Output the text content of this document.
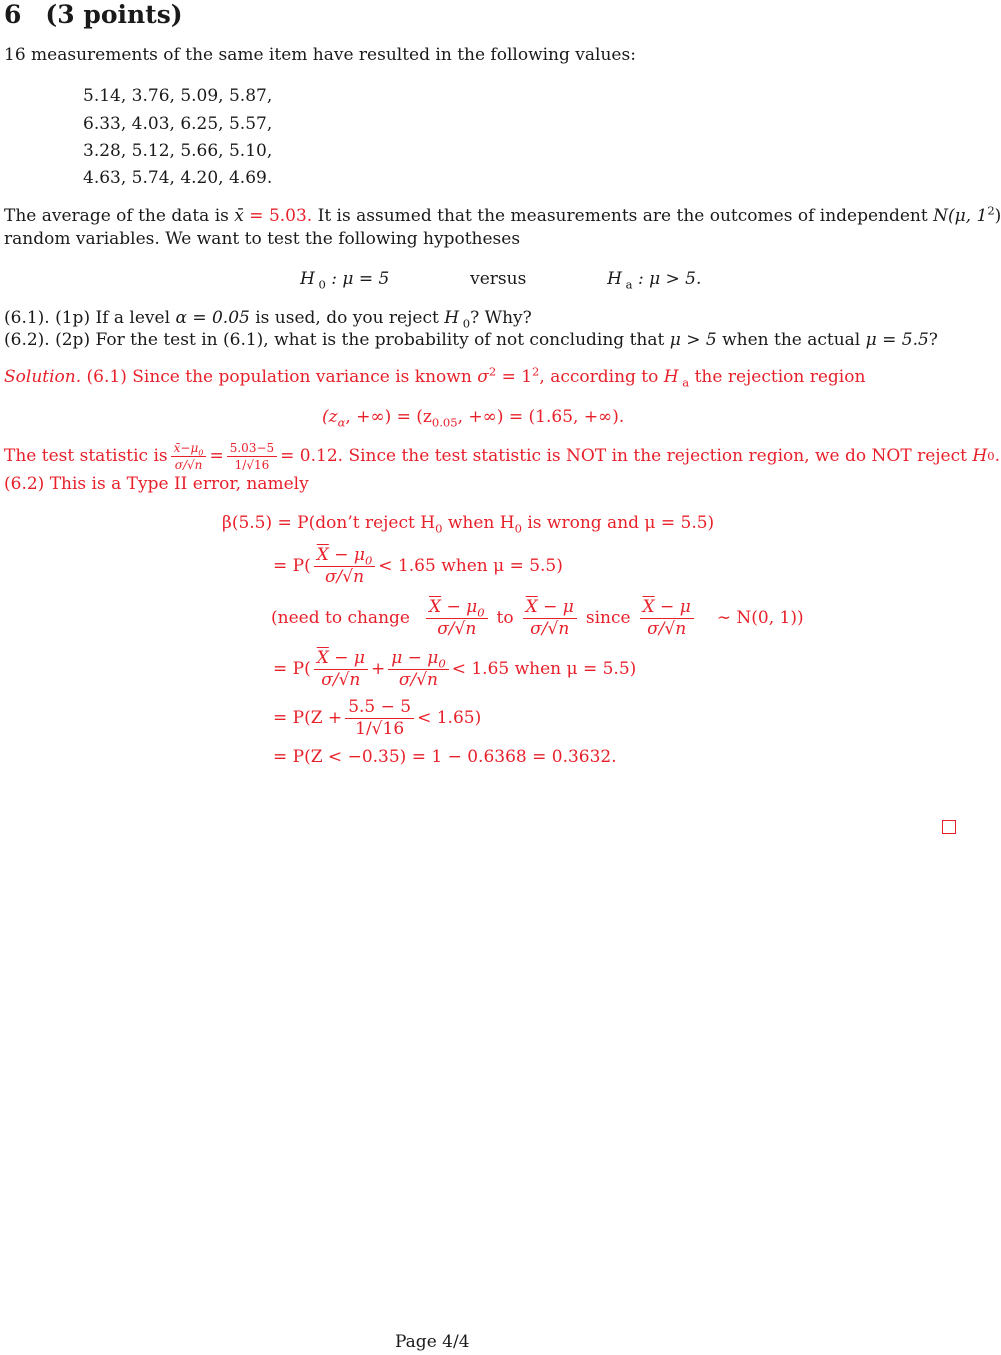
6 (3 points)
16 measurements of the same item have resulted in the following values:
5.14, 3.76, 5.09, 5.87,
6.33, 4.03, 6.25, 5.57,
3.28, 5.12, 5.66, 5.10,
4.63, 5.74, 4.20, 4.69.
The average of the data is x̄ = 5.03. It is assumed that the measurements are the outcomes of independent N(μ, $1^2$)
random variables. We want to test the following hypotheses
H $_0$ : μ = 5	versus	H $_a$ : μ > 5.
(6.1). (1p) If a level α = 0.05 is used, do you reject H $_0$? Why?
(6.2). (2p) For the test in (6.1), what is the probability of not concluding that μ > 5 when the actual μ = 5.5?
Solution. (6.1) Since the population variance is known $\sigma^2 = 1^2$, according to H $_a$ the rejection region
($z_\alpha$, +∞) = ($z_{0.05}$, +∞) = (1.65, +∞).
The test statistic is $\frac{x̄-\mu_0}{\sigma/√n} = \frac{5.03-5}{1/√16} = 0.12$. Since the test statistic is NOT in the rejection region, we do NOT reject H 0 .
(6.2) This is a Type II error, namely
β(5.5) = P(don’t reject $H_0$ when $H_0$ is wrong and μ = 5.5)
= $P( \frac{\overline{X} - \mu_0}{\sigma/√n} < 1.65$ when μ = 5.5)
(need to change $\frac{\overline{X} - \mu_0}{\sigma/√n}$ to $\frac{\overline{X} - \mu}{\sigma/√n}$ since $\frac{\overline{X} - \mu}{\sigma/√n}$ ∼ N(0, 1))
= $P( \frac{\overline{X} - \mu}{\sigma/√n} + \frac{\mu - \mu_0}{\sigma/√n} < 1.65$ when μ = 5.5)
= $P(Z + \frac{5.5 - 5}{1/√16} < 1.65)$
= P(Z < −0.35) = 1 − 0.6368 = 0.3632.
Page 4/4
